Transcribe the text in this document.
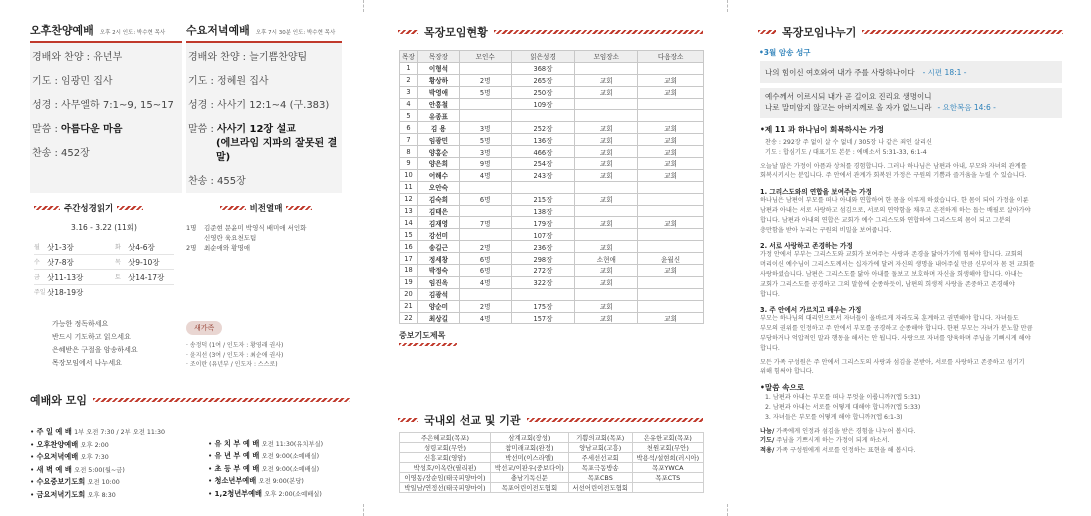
오후찬양예배 오후 2시 인도: 박수현 목사
경배와 찬양 : 유년부
기도 : 임광민 집사
성경 : 사무엘하 7:1~9, 15~17
말씀 : 아름다운 마음
찬송 : 452장
수요저녁예배 오후 7시 30분 인도: 박수현 목사
경배와 찬양 : 늘기쁨찬양팀
기도 : 정혜원 집사
성경 : 사사기 12:1~4 (구.383)
말씀 : 사사기 12장 설교
(에브라임 지파의 잘못된 결말)
찬송 : 455장
주간성경읽기
3.16 - 3.22 (11회)
월 삿1-3장	화 삿4-6장
수 삿7-8장	목 삿9-10장
금 삿11-13장	토 삿14-17장
주일 삿18-19장
가능한 정독하세요
반드시 기도하고 읽으세요
은혜받은 구절을 암송하세요
목장모임에서 나누세요
비전열매
1명	김준현 문윤미 박영식 배미애 서인화
신영란 육요천도팀
2명	최순애와 황명애
새가족
· 송정덕 (1여 / 인도자 : 황영래 권사)
· 윤지선 (3여 / 인도자 : 최순애 권사)
· 조이란 (유년부 / 인도자 : 스스로)
예배와 모임
• 주 일 예 배 1부 오전 7:30 / 2부 오전 11:30
• 오후찬양예배 오후 2:00
• 수요저녁예배 오후 7:30
• 새 벽 예 배 오전 5:00(월~금)
• 수요중보기도회 오전 10:00
• 금요저녁기도회 오후 8:30
• 유 치 부 예 배 오전 11:30(유치부실)
• 유 년 부 예 배 오전 9:00(소예배실)
• 초 등 부 예 배 오전 9:00(소예배실)
• 청소년부예배 오전 9:00(본당)
• 1,2청년부예배 오후 2:00(소예배실)
목장모임현황
목장	목장장	모인수	읽은성경	모임장소	다음장소
1	이형석		368장		
2	황상하	2명	265장	교회	교회
3	박영애	5명	250장	교회	교회
4	안흥철		109장		
5	유종표				
6	김 용	3명	252장	교회	교회
7	임광민	5명	136장	교회	교회
8	양홍순	3명	466장	교회	교회
9	양은희	9명	254장	교회	교회
10	어해수	4명	243장	교회	교회
11	오안숙				
12	김숙희	6명	215장	교회	
13	김태은		138장		
14	김재영	7명	179장	교회	교회
15	강선미		107장		
16	송길근	2명	236장	교회	
17	정세창	6명	298장	소현애	윤월신
18	박정숙	6명	272장	교회	교회
19	임진옥	4명	322장	교회	
20	김광석				
21	양순미	2명	175장	교회	
22	최상길	4명	157장	교회	교회
중보기도제목
국내외 선교 및 기관
주은혜교회(목포)	삼계교회(장성)	기쁨의교회(목포)	은유한교회(목포)
성령교회(무안)	참미래교회(완정)	양남교회(고흥)	천원교회(무안)
신흥교회(영암)	박선미(이스라엘)	주세선선교회	박용석/설현희(러시아)
박성호/이옥란(필리핀)	박선교/이판우(중보다이)	목포극동방송	목포YWCA
이영동/장순임(태국피양마이)	충남기독신문	목포CBS	목포CTS
박일남/연정선(태국피양마이)	목포어린이전도협회	서선어린이전도협회	
목장모임나누기
•3월 암송 성구
나의 힘이신 여호와여 내가 주를 사랑하나이다 - 시편 18:1 -
예수께서 이르시되 내가 곧 길이요 진리요 생명이니
나로 말미암지 않고는 아버지께로 올 자가 없느니라 - 요한복음 14:6 -
•제 11 과 하나님이 회복하시는 가정
찬송 : 292장 주 없이 살 수 없네 / 305장 나 같은 죄인 살리신
기도 : 합심기도 / 대표기도 본문 : 에베소서 5:31-33, 6:1-4
오늘날 많은 가정이 아픔과 상처를 경험합니다. 그러나 하나님은 남편과 아내, 부모와 자녀의 관계를
회복시키시는 분입니다. 주 안에서 관계가 회복된 가정은 구원의 기쁨과 즐거움을 누릴 수 있습니다.
1. 그리스도와의 연합을 보여주는 가정
하나님은 남편이 부모를 떠나 아내와 연합하여 한 몸을 이루게 하셨습니다. 한 몸이 되어 가정을 이룬
남편과 아내는 서로 사랑하고 섬김으로, 서로의 연약함을 채우고 온전하게 하는 돕는 배필로 살아가야
합니다. 남편과 아내의 연합은 교회가 예수 그리스도와 연합하여 그리스도의 몸이 되고 그분의
충만함을 받아 누리는 구원의 비밀을 보여줍니다.
2. 서로 사랑하고 존경하는 가정
가정 안에서 부부는 그리스도와 교회가 보여주는 사랑과 존경을 닮아가기에 힘써야 합니다. 교회의
머리이신 예수님이 그리스도께서는 십자가에 달려 자신의 생명을 내어주실 만큼 신부이자 몸 된 교회를
사랑하셨습니다. 남편은 그리스도를 닮아 아내를 돌보고 보호하며 자신을 희생해야 합니다. 아내는
교회가 그리스도를 공경하고 그의 말씀에 순종하듯이, 남편의 희생적 사랑을 존중하고 존경해야
합니다.
3. 주 안에서 가르치고 배우는 가정
부모는 하나님의 대리인으로서 자녀들이 올바르게 자라도록 훈계하고 권면해야 합니다. 자녀들도
부모의 권위를 인정하고 주 안에서 부모를 공경하고 순종해야 합니다. 한편 부모는 자녀가 분노할 만큼
부당하거나 억압적인 말과 행동을 해서는 안 됩니다. 사랑으로 자녀를 양육하며 주님을 기뻐시게 해야
합니다.
모든 가족 구성원은 주 안에서 그리스도의 사랑과 섬김을 본받아, 서로를 사랑하고 존중하고 섬기기
위해 힘써야 합니다.
•말씀 속으로
1. 남편과 아내는 부모를 떠나 무엇을 이룹니까?(엡 5:31)
2. 남편과 아내는 서로를 어떻게 대해야 합니까?(엡 5:33)
3. 자녀들은 부모를 어떻게 해야 합니까?(엡 6:1-3)
나눔/ 가족에게 인정과 섬김을 받은 경험을 나누어 봅시다.
기도/ 주님을 기쁘시게 하는 가정이 되게 하소서.
적용/ 가족 구성원에게 서로를 인정하는 표현을 해 봅시다.
